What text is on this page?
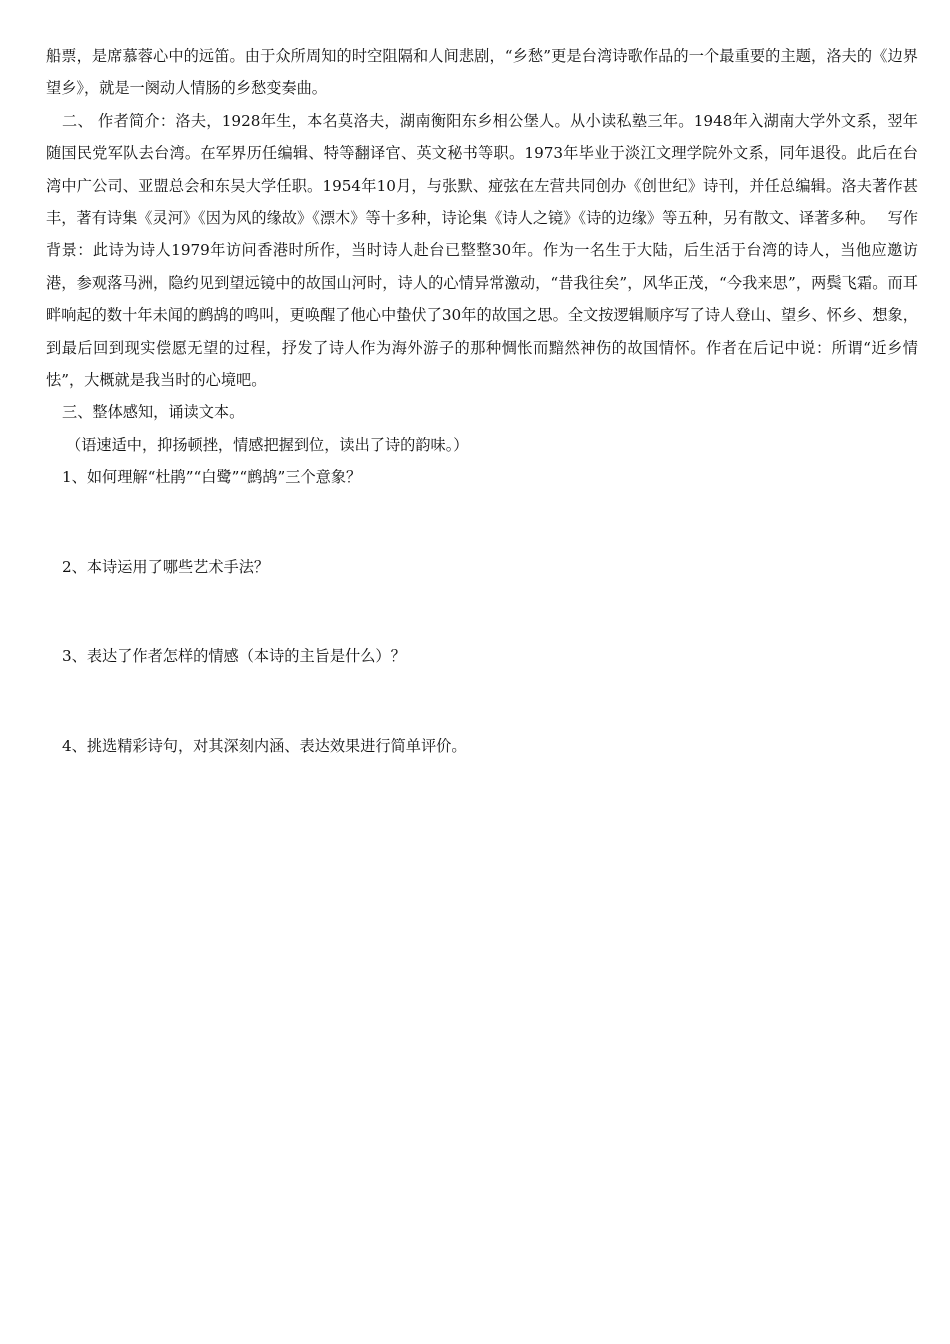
船票，是席慕蓉心中的远笛。由于众所周知的时空阻隔和人间悲剧，“乡愁”更是台湾诗歌作品的一个最重要的主题，洛夫的《边界望乡》，就是一阕动人情肠的乡愁变奏曲。

二、 作者简介：洛夫，1928年生，本名莫洛夫，湖南衡阳东乡相公堡人。从小读私塾三年。1948年入湖南大学外文系，翌年随国民党军队去台湾。在军界历任编辑、特等翻译官、英文秘书等职。1973年毕业于淡江文理学院外文系，同年退役。此后在台湾中广公司、亚盟总会和东吴大学任职。1954年10月，与张默、痖弦在左营共同创办《创世纪》诗刊，并任总编辑。洛夫著作甚丰，著有诗集《灵河》《因为风的缘故》《漂木》等十多种，诗论集《诗人之镜》《诗的边缘》等五种，另有散文、译著多种。　 写作背景：此诗为诗人1979年访问香港时所作，当时诗人赴台已整整30年。作为一名生于大陆，后生活于台湾的诗人，当他应邀访港，参观落马洲，隐约见到望远镜中的故国山河时，诗人的心情异常激动，“昔我往矣”，风华正茂，“今我来思”，两鬓飞霜。而耳畔响起的数十年未闻的鹧鸪的鸣叫，更唤醒了他心中蛰伏了30年的故国之思。全文按逻辑顺序写了诗人登山、望乡、怀乡、想象，到最后回到现实偿愿无望的过程，抒发了诗人作为海外游子的那种惆怅而黯然神伤的故国情怀。作者在后记中说：所谓“近乡情怯”，大概就是我当时的心境吧。

三、整体感知，诵读文本。

（语速适中，抑扬顿挫，情感把握到位，读出了诗的韵味。）

1、如何理解“杜鹃”“白鹭”“鹧鸪”三个意象？

2、本诗运用了哪些艺术手法？

3、表达了作者怎样的情感（本诗的主旨是什么）？

4、挑选精彩诗句，对其深刻内涵、表达效果进行简单评价。
